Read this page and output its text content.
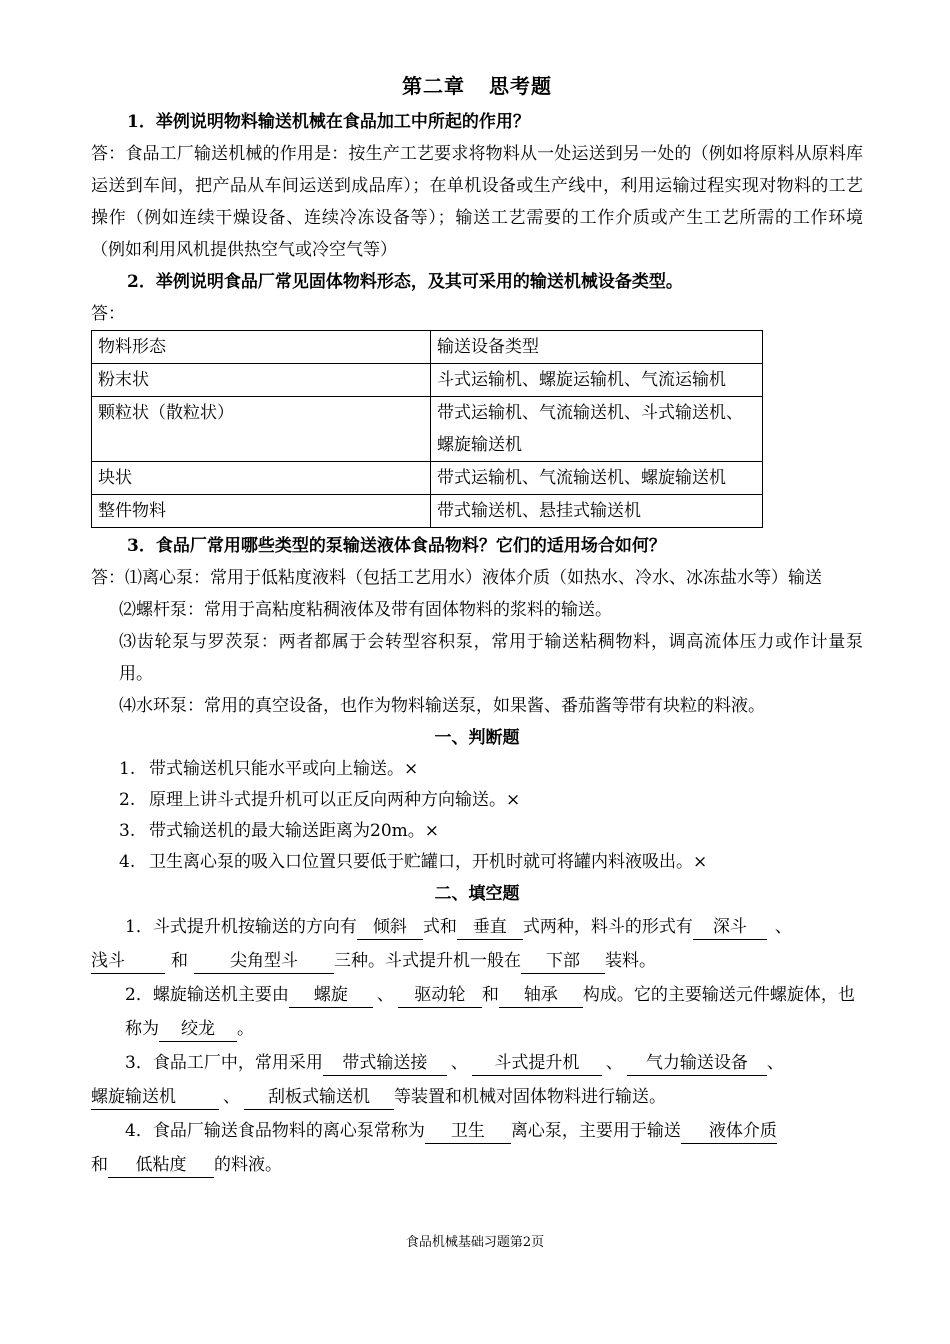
第二章 思考题

1．举例说明物料输送机械在食品加工中所起的作用？

答：食品工厂输送机械的作用是：按生产工艺要求将物料从一处运送到另一处的（例如将原料从原料库运送到车间，把产品从车间运送到成品库）；在单机设备或生产线中，利用运输过程实现对物料的工艺操作（例如连续干燥设备、连续冷冻设备等）；输送工艺需要的工作介质或产生工艺所需的工作环境（例如利用风机提供热空气或冷空气等）

2．举例说明食品厂常见固体物料形态，及其可采用的输送机械设备类型。

答：

物料形态	输送设备类型
粉末状	斗式运输机、螺旋运输机、气流运输机
颗粒状（散粒状）	带式运输机、气流输送机、斗式输送机、螺旋输送机
块状	带式运输机、气流输送机、螺旋输送机
整件物料	带式输送机、悬挂式输送机

3．食品厂常用哪些类型的泵输送液体食品物料？它们的适用场合如何？

答：⑴离心泵：常用于低粘度液料（包括工艺用水）液体介质（如热水、冷水、冰冻盐水等）输送

⑵螺杆泵：常用于高粘度粘稠液体及带有固体物料的浆料的输送。

⑶齿轮泵与罗茨泵：两者都属于会转型容积泵，常用于输送粘稠物料，调高流体压力或作计量泵用。

⑷水环泵：常用的真空设备，也作为物料输送泵，如果酱、番茄酱等带有块粒的料液。

一、判断题

1. 带式输送机只能水平或向上输送。×

2. 原理上讲斗式提升机可以正反向两种方向输送。×

3. 带式输送机的最大输送距离为20m。×

4. 卫生离心泵的吸入口位置只要低于贮罐口，开机时就可将罐内料液吸出。×

二、填空题

1．斗式提升机按输送的方向有 倾斜 式和 垂直 式两种，料斗的形式有 深斗 、

浅斗	和 尖角型斗 三种。斗式提升机一般在 下部 装料。

2．螺旋输送机主要由 螺旋 、 驱动轮 和 轴承 构成。它的主要输送元件螺旋体，也称为 绞龙 。

3．食品工厂中，常用采用 带式输送接 、 斗式提升机 、 气力输送设备 、

螺旋输送机	、 刮板式输送机 等装置和机械对固体物料进行输送。

4．食品厂输送食品物料的离心泵常称为 卫生 离心泵，主要用于输送 液体介质

和 低粘度 的料液。

食品机械基础习题第2页
